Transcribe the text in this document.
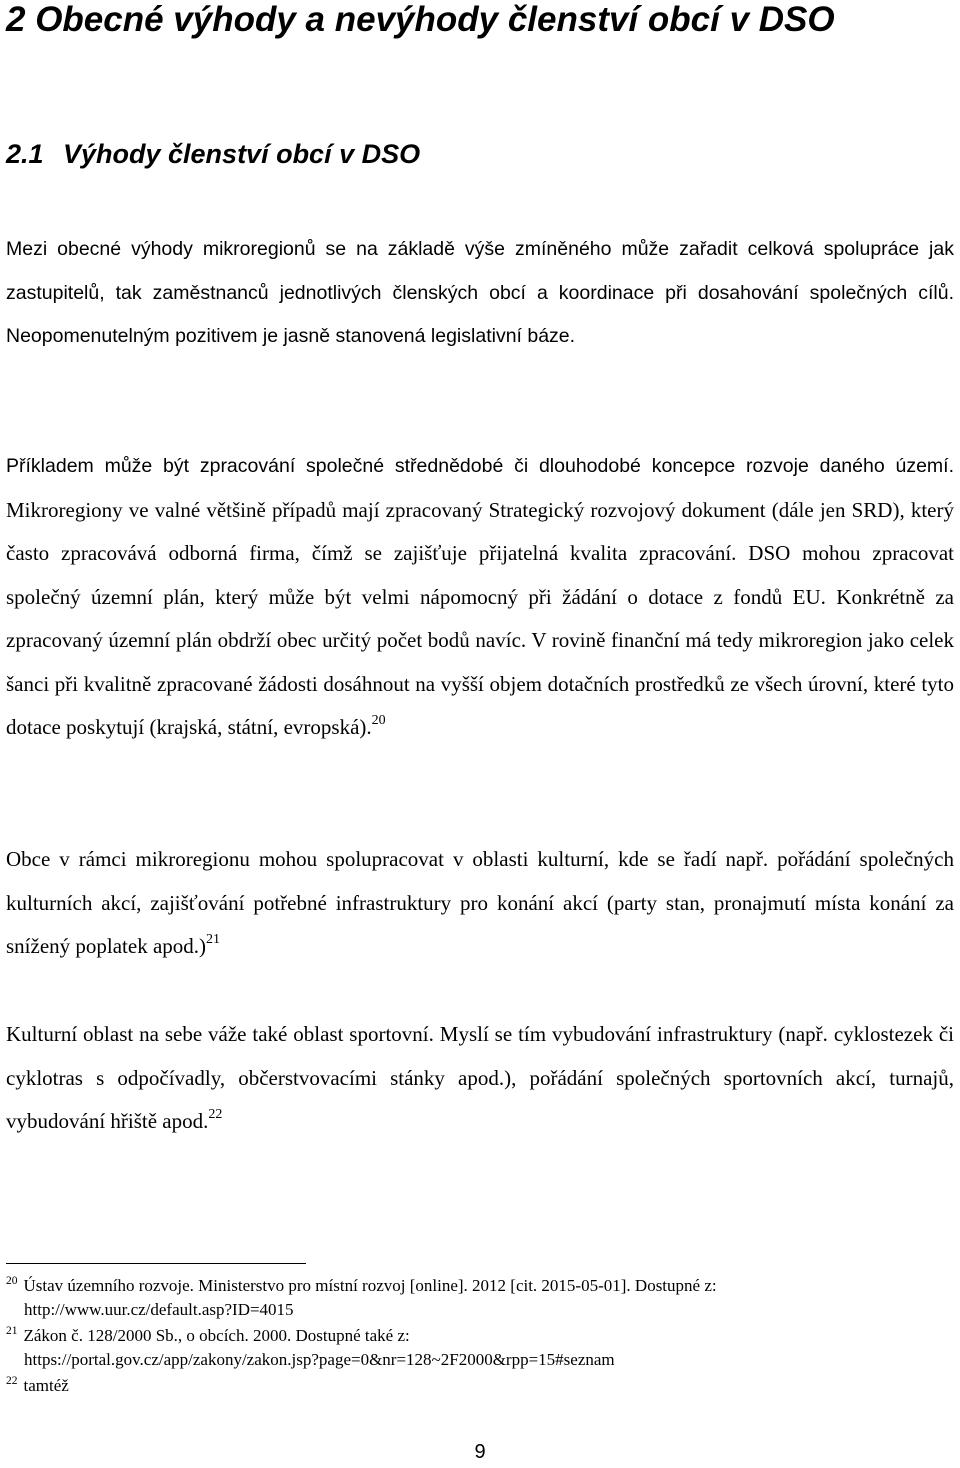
2 Obecné výhody a nevýhody členství obcí v DSO
2.1 Výhody členství obcí v DSO
Mezi obecné výhody mikroregionů se na základě výše zmíněného může zařadit celková spolupráce jak zastupitelů, tak zaměstnanců jednotlivých členských obcí a koordinace při dosahování společných cílů. Neopomenutelným pozitivem je jasně stanovená legislativní báze.
Příkladem může být zpracování společné střednědobé či dlouhodobé koncepce rozvoje daného území. Mikroregiony ve valné většině případů mají zpracovaný Strategický rozvojový dokument (dále jen SRD), který často zpracovává odborná firma, čímž se zajišťuje přijatelná kvalita zpracování. DSO mohou zpracovat společný územní plán, který může být velmi nápomocný při žádání o dotace z fondů EU. Konkrétně za zpracovaný územní plán obdrží obec určitý počet bodů navíc. V rovině finanční má tedy mikroregion jako celek šanci při kvalitně zpracované žádosti dosáhnout na vyšší objem dotačních prostředků ze všech úrovní, které tyto dotace poskytují (krajská, státní, evropská).$^{20}$
Obce v rámci mikroregionu mohou spolupracovat v oblasti kulturní, kde se řadí např. pořádání společných kulturních akcí, zajišťování potřebné infrastruktury pro konání akcí (party stan, pronajmutí místa konání za snížený poplatek apod.)$^{21}$
Kulturní oblast na sebe váže také oblast sportovní. Myslí se tím vybudování infrastruktury (např. cyklostezek či cyklotras s odpočívadly, občerstvovacími stánky apod.), pořádání společných sportovních akcí, turnajů, vybudování hřiště apod.$^{22}$
$^{20}$ Ústav územního rozvoje. Ministerstvo pro místní rozvoj [online]. 2012 [cit. 2015-05-01]. Dostupné z:
http://www.uur.cz/default.asp?ID=4015
$^{21}$ Zákon č. 128/2000 Sb., o obcích. 2000. Dostupné také z:
https://portal.gov.cz/app/zakony/zakon.jsp?page=0&nr=128~2F2000&rpp=15#seznam
$^{22}$ tamtéž
9
